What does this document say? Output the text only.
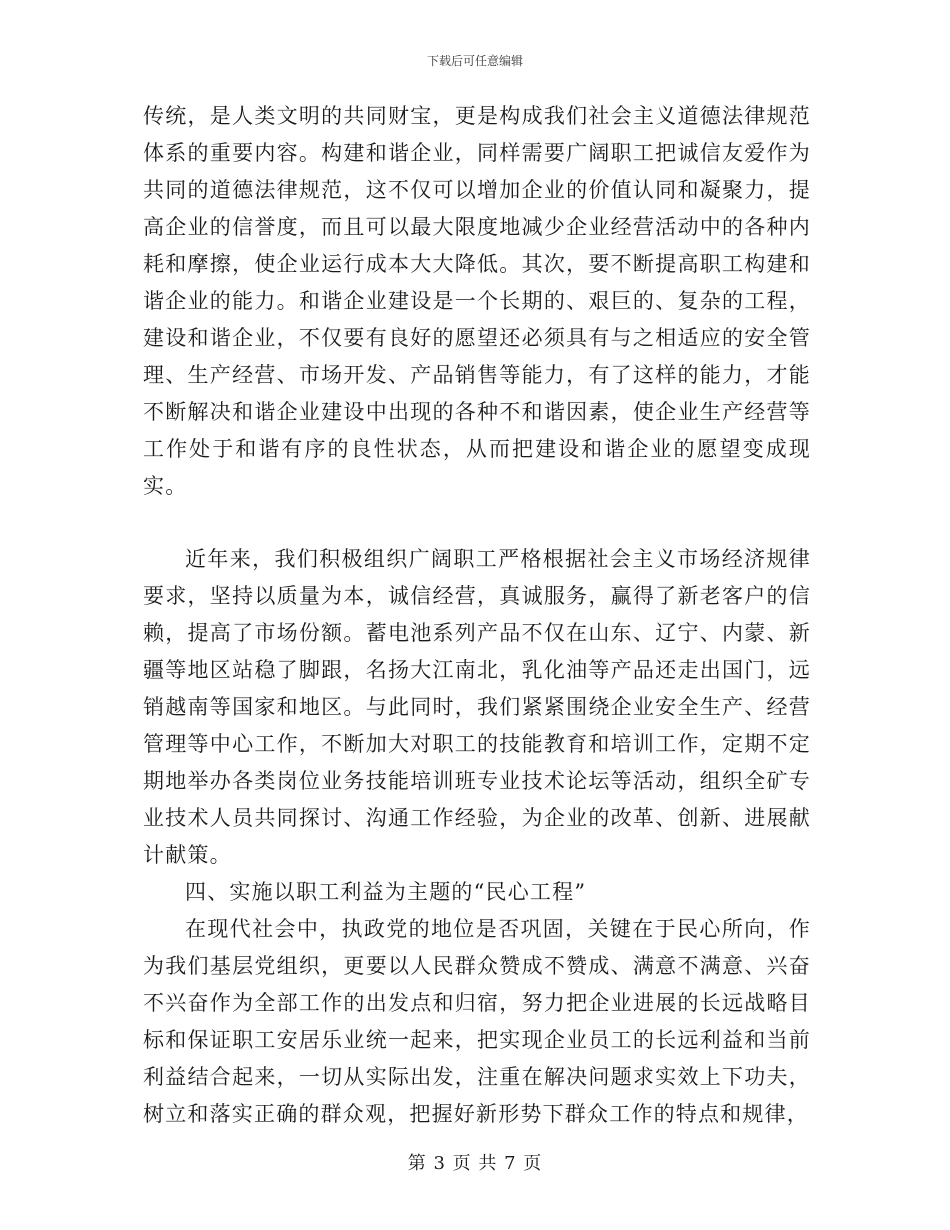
下载后可任意编辑

传统，是人类文明的共同财宝，更是构成我们社会主义道德法律规范体系的重要内容。构建和谐企业，同样需要广阔职工把诚信友爱作为共同的道德法律规范，这不仅可以增加企业的价值认同和凝聚力，提高企业的信誉度，而且可以最大限度地减少企业经营活动中的各种内耗和摩擦，使企业运行成本大大降低。其次，要不断提高职工构建和谐企业的能力。和谐企业建设是一个长期的、艰巨的、复杂的工程，建设和谐企业，不仅要有良好的愿望还必须具有与之相适应的安全管理、生产经营、市场开发、产品销售等能力，有了这样的能力，才能不断解决和谐企业建设中出现的各种不和谐因素，使企业生产经营等工作处于和谐有序的良性状态，从而把建设和谐企业的愿望变成现实。

近年来，我们积极组织广阔职工严格根据社会主义市场经济规律要求，坚持以质量为本，诚信经营，真诚服务，赢得了新老客户的信赖，提高了市场份额。蓄电池系列产品不仅在山东、辽宁、内蒙、新疆等地区站稳了脚跟，名扬大江南北，乳化油等产品还走出国门，远销越南等国家和地区。与此同时，我们紧紧围绕企业安全生产、经营管理等中心工作，不断加大对职工的技能教育和培训工作，定期不定期地举办各类岗位业务技能培训班专业技术论坛等活动，组织全矿专业技术人员共同探讨、沟通工作经验，为企业的改革、创新、进展献计献策。

四、实施以职工利益为主题的“民心工程”

在现代社会中，执政党的地位是否巩固，关键在于民心所向，作为我们基层党组织，更要以人民群众赞成不赞成、满意不满意、兴奋不兴奋作为全部工作的出发点和归宿，努力把企业进展的长远战略目标和保证职工安居乐业统一起来，把实现企业员工的长远利益和当前利益结合起来，一切从实际出发，注重在解决问题求实效上下功夫，树立和落实正确的群众观，把握好新形势下群众工作的特点和规律，

第 3 页 共 7 页
